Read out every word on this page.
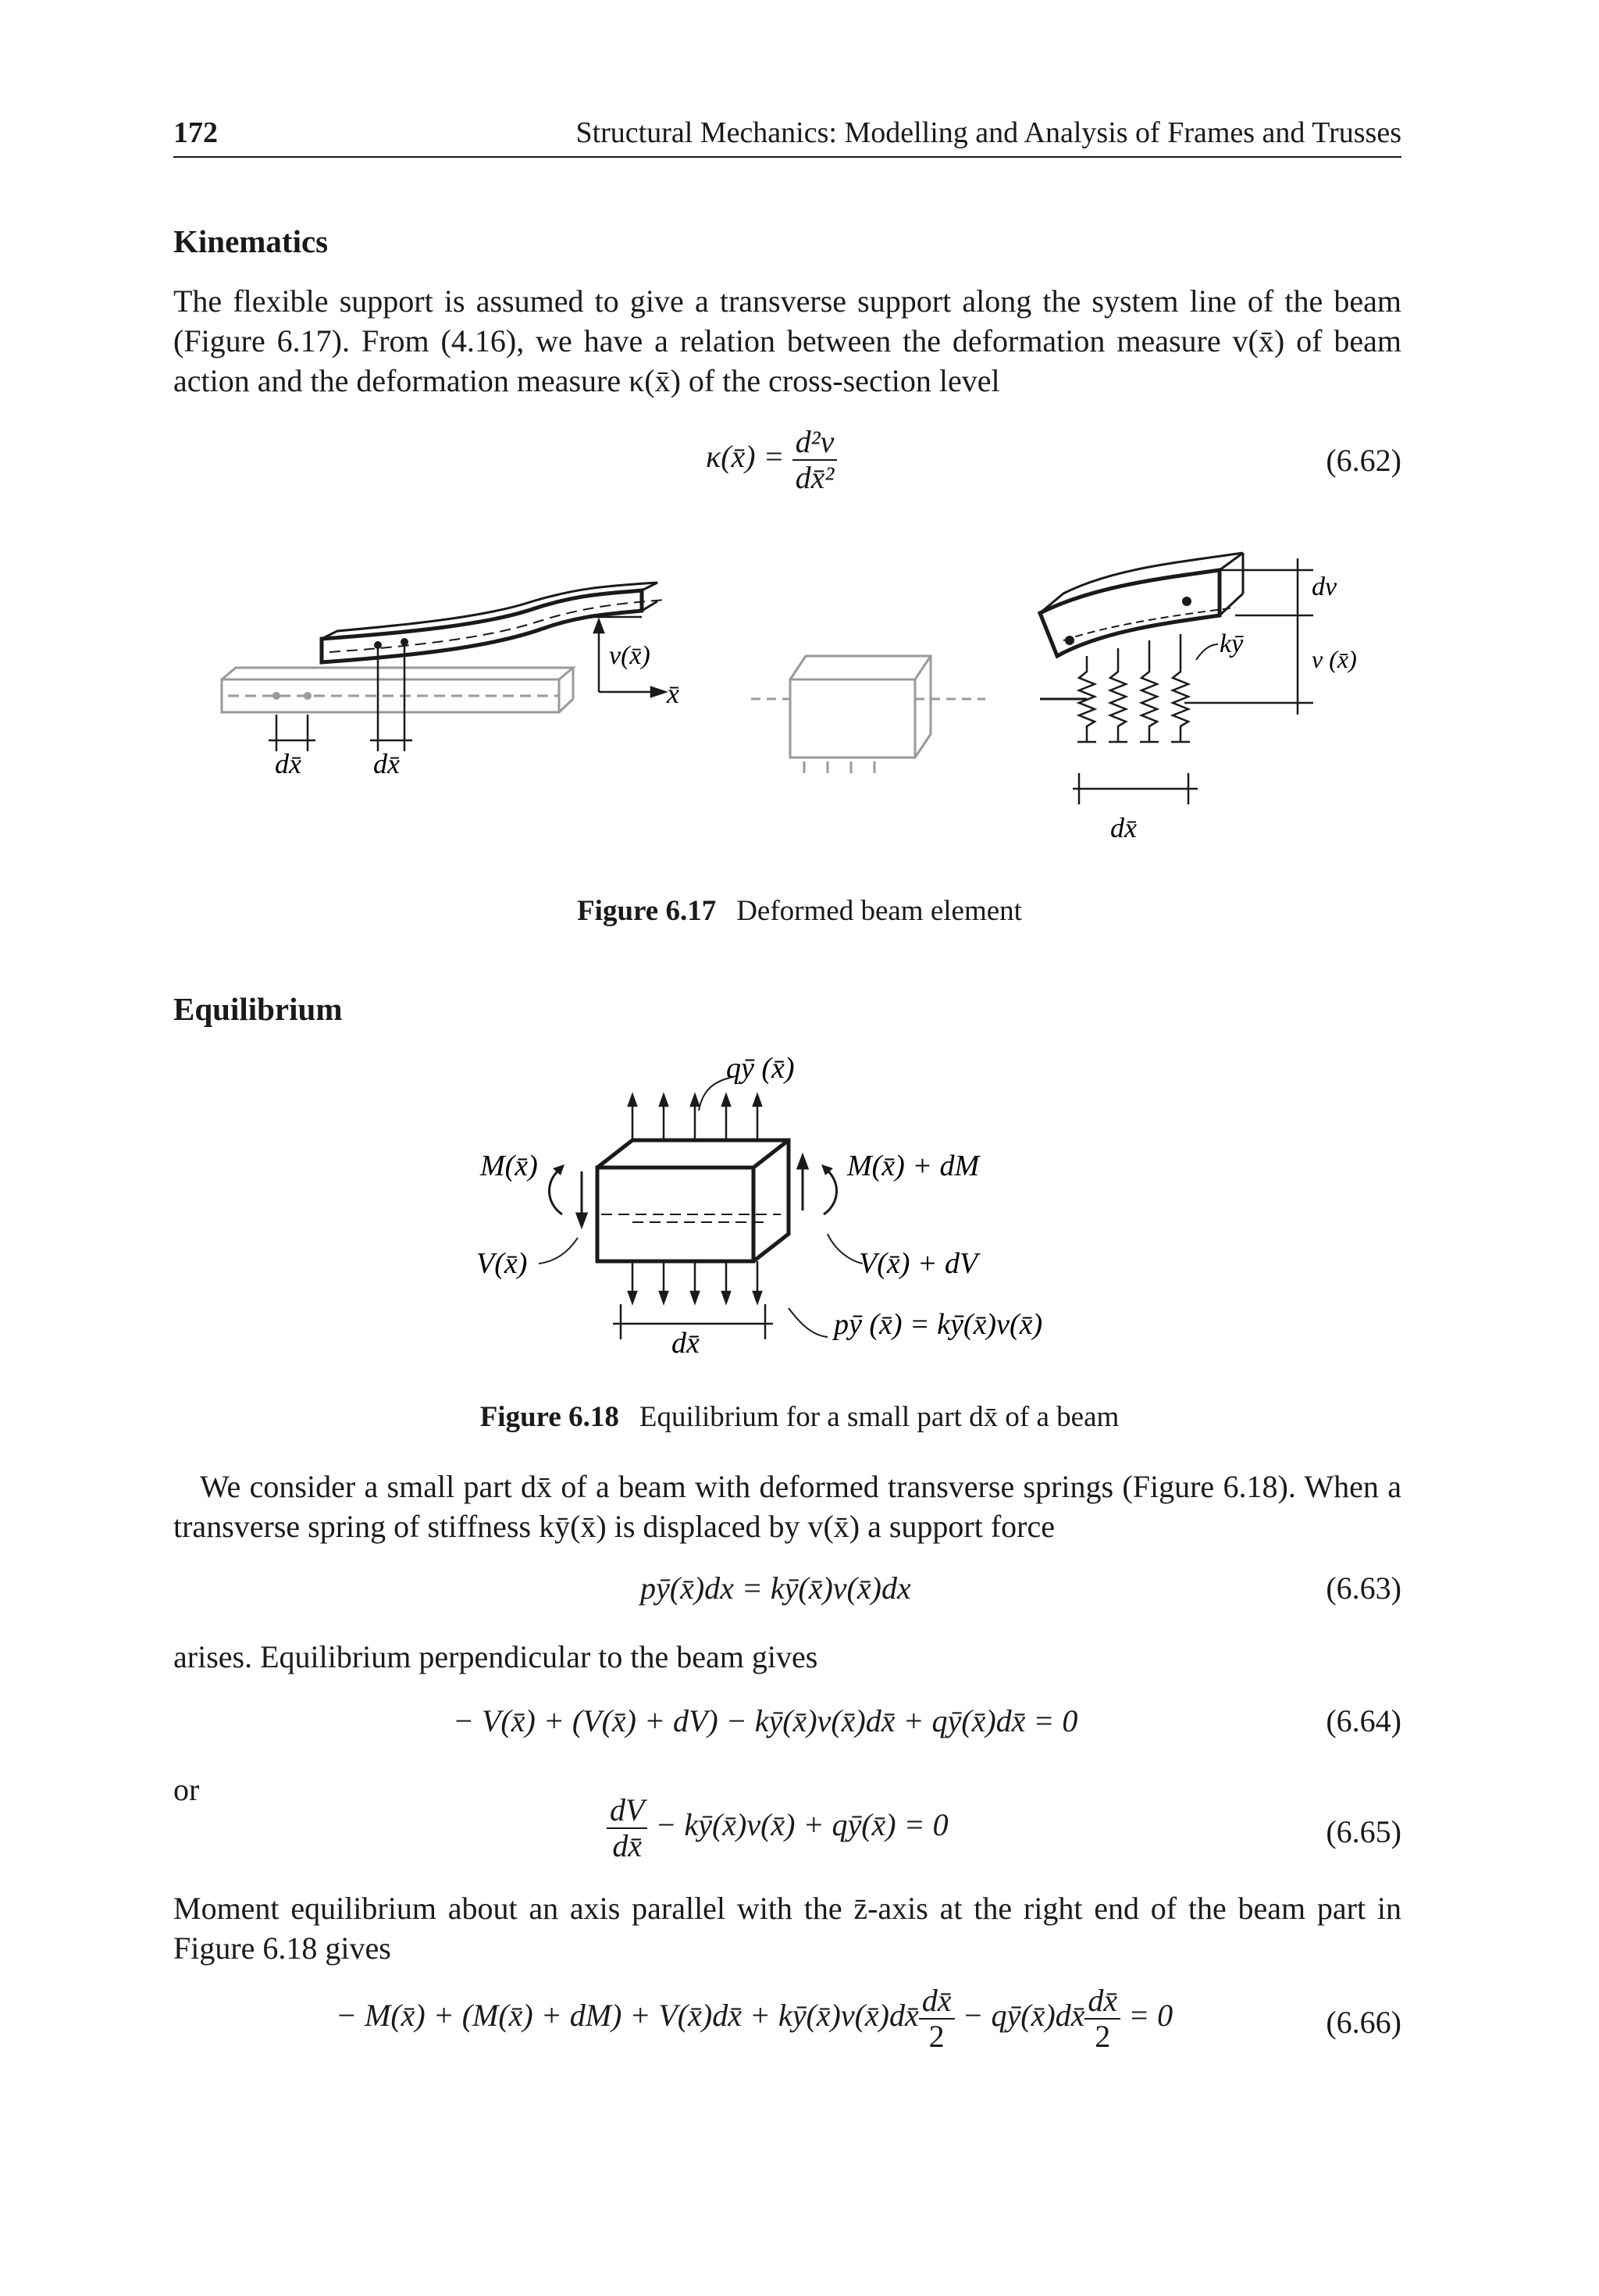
172	Structural Mechanics: Modelling and Analysis of Frames and Trusses
Kinematics
The flexible support is assumed to give a transverse support along the system line of the beam (Figure 6.17). From (4.16), we have a relation between the deformation measure v(x̄) of beam action and the deformation measure κ(x̄) of the cross-section level
κ(x̄) = $\frac{\text{d²v}}{\text{dx̄²}}$	(6.62)
v(x̄)
x̄
dx̄	dx̄
dv
v (x̄)
kȳ
dx̄
Figure 6.17 Deformed beam element
Equilibrium
qȳ (x̄)
M(x̄)	M(x̄) + dM
V(x̄)	V(x̄) + dV
pȳ (x̄) = kȳ(x̄)v(x̄)
dx̄
Figure 6.18 Equilibrium for a small part dx̄ of a beam
We consider a small part dx̄ of a beam with deformed transverse springs (Figure 6.18). When a transverse spring of stiffness kȳ(x̄) is displaced by v(x̄) a support force
pȳ(x̄)dx = kȳ(x̄)v(x̄)dx	(6.63)
arises. Equilibrium perpendicular to the beam gives
− V(x̄) + (V(x̄) + dV) − kȳ(x̄)v(x̄)dx̄ + qȳ(x̄)dx̄ = 0	(6.64)
or
$\frac{dV}{dx̄}$ − kȳ(x̄)v(x̄) + qȳ(x̄) = 0	(6.65)
Moment equilibrium about an axis parallel with the z̄-axis at the right end of the beam part in Figure 6.18 gives
− M(x̄) + (M(x̄) + dM) + V(x̄)dx̄ + kȳ(x̄)v(x̄)dx̄ $\frac{dx̄}{2}$ − qȳ(x̄)dx̄ $\frac{dx̄}{2} = 0$	(6.66)
